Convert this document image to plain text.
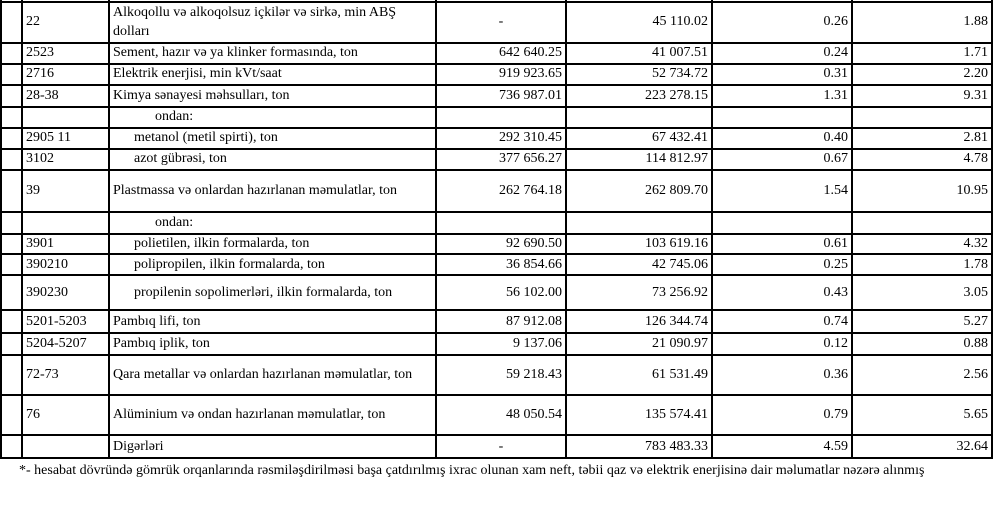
	22	Alkoqollu və alkoqolsuz içkilər və sirkə, min ABŞ dolları	-	45 110.02	0.26	1.88
	2523	Sement, hazır və ya klinker formasında, ton	642 640.25	41 007.51	0.24	1.71
	2716	Elektrik enerjisi, min kVt/saat	919 923.65	52 734.72	0.31	2.20
	28-38	Kimya sənayesi məhsulları, ton	736 987.01	223 278.15	1.31	9.31
		ondan:				
	2905 11	metanol (metil spirti), ton	292 310.45	67 432.41	0.40	2.81
	3102	azot gübrəsi, ton	377 656.27	114 812.97	0.67	4.78
	39	Plastmassa və onlardan hazırlanan məmulatlar, ton	262 764.18	262 809.70	1.54	10.95
		ondan:				
	3901	polietilen, ilkin formalarda, ton	92 690.50	103 619.16	0.61	4.32
	390210	polipropilen, ilkin formalarda, ton	36 854.66	42 745.06	0.25	1.78
	390230	propilenin sopolimerləri, ilkin formalarda, ton	56 102.00	73 256.92	0.43	3.05
	5201-5203	Pambıq lifi, ton	87 912.08	126 344.74	0.74	5.27
	5204-5207	Pambıq iplik, ton	9 137.06	21 090.97	0.12	0.88
	72-73	Qara metallar və onlardan hazırlanan məmulatlar, ton	59 218.43	61 531.49	0.36	2.56
	76	Alüminium və ondan hazırlanan məmulatlar, ton	48 050.54	135 574.41	0.79	5.65
		Digərləri	-	783 483.33	4.59	32.64
*- hesabat dövründə gömrük orqanlarında rəsmiləşdirilməsi başa çatdırılmış ixrac olunan xam neft, təbii qaz və elektrik enerjisinə dair məlumatlar nəzərə alınmış
